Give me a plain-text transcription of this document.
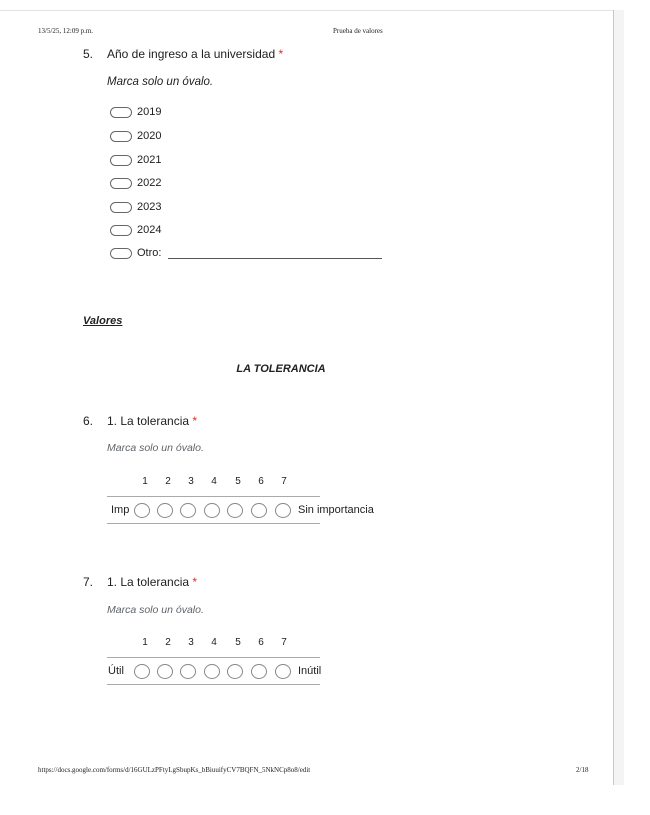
13/5/25, 12:09 p.m.	Prueba de valores
5. Año de ingreso a la universidad *
Marca solo un óvalo.
2019
2020
2021
2022
2023
2024
Otro:
Valores
LA TOLERANCIA
6. 1. La tolerancia *
Marca solo un óvalo.
1	2	3	4	5	6	7
Imp	Sin importancia
7. 1. La tolerancia *
Marca solo un óvalo.
1	2	3	4	5	6	7
Útil	Inútil
https://docs.google.com/forms/d/16GULzPFtyLgSbupKs_bBiuuifyCV7BQFN_5NkNCp8o8/edit	2/18
